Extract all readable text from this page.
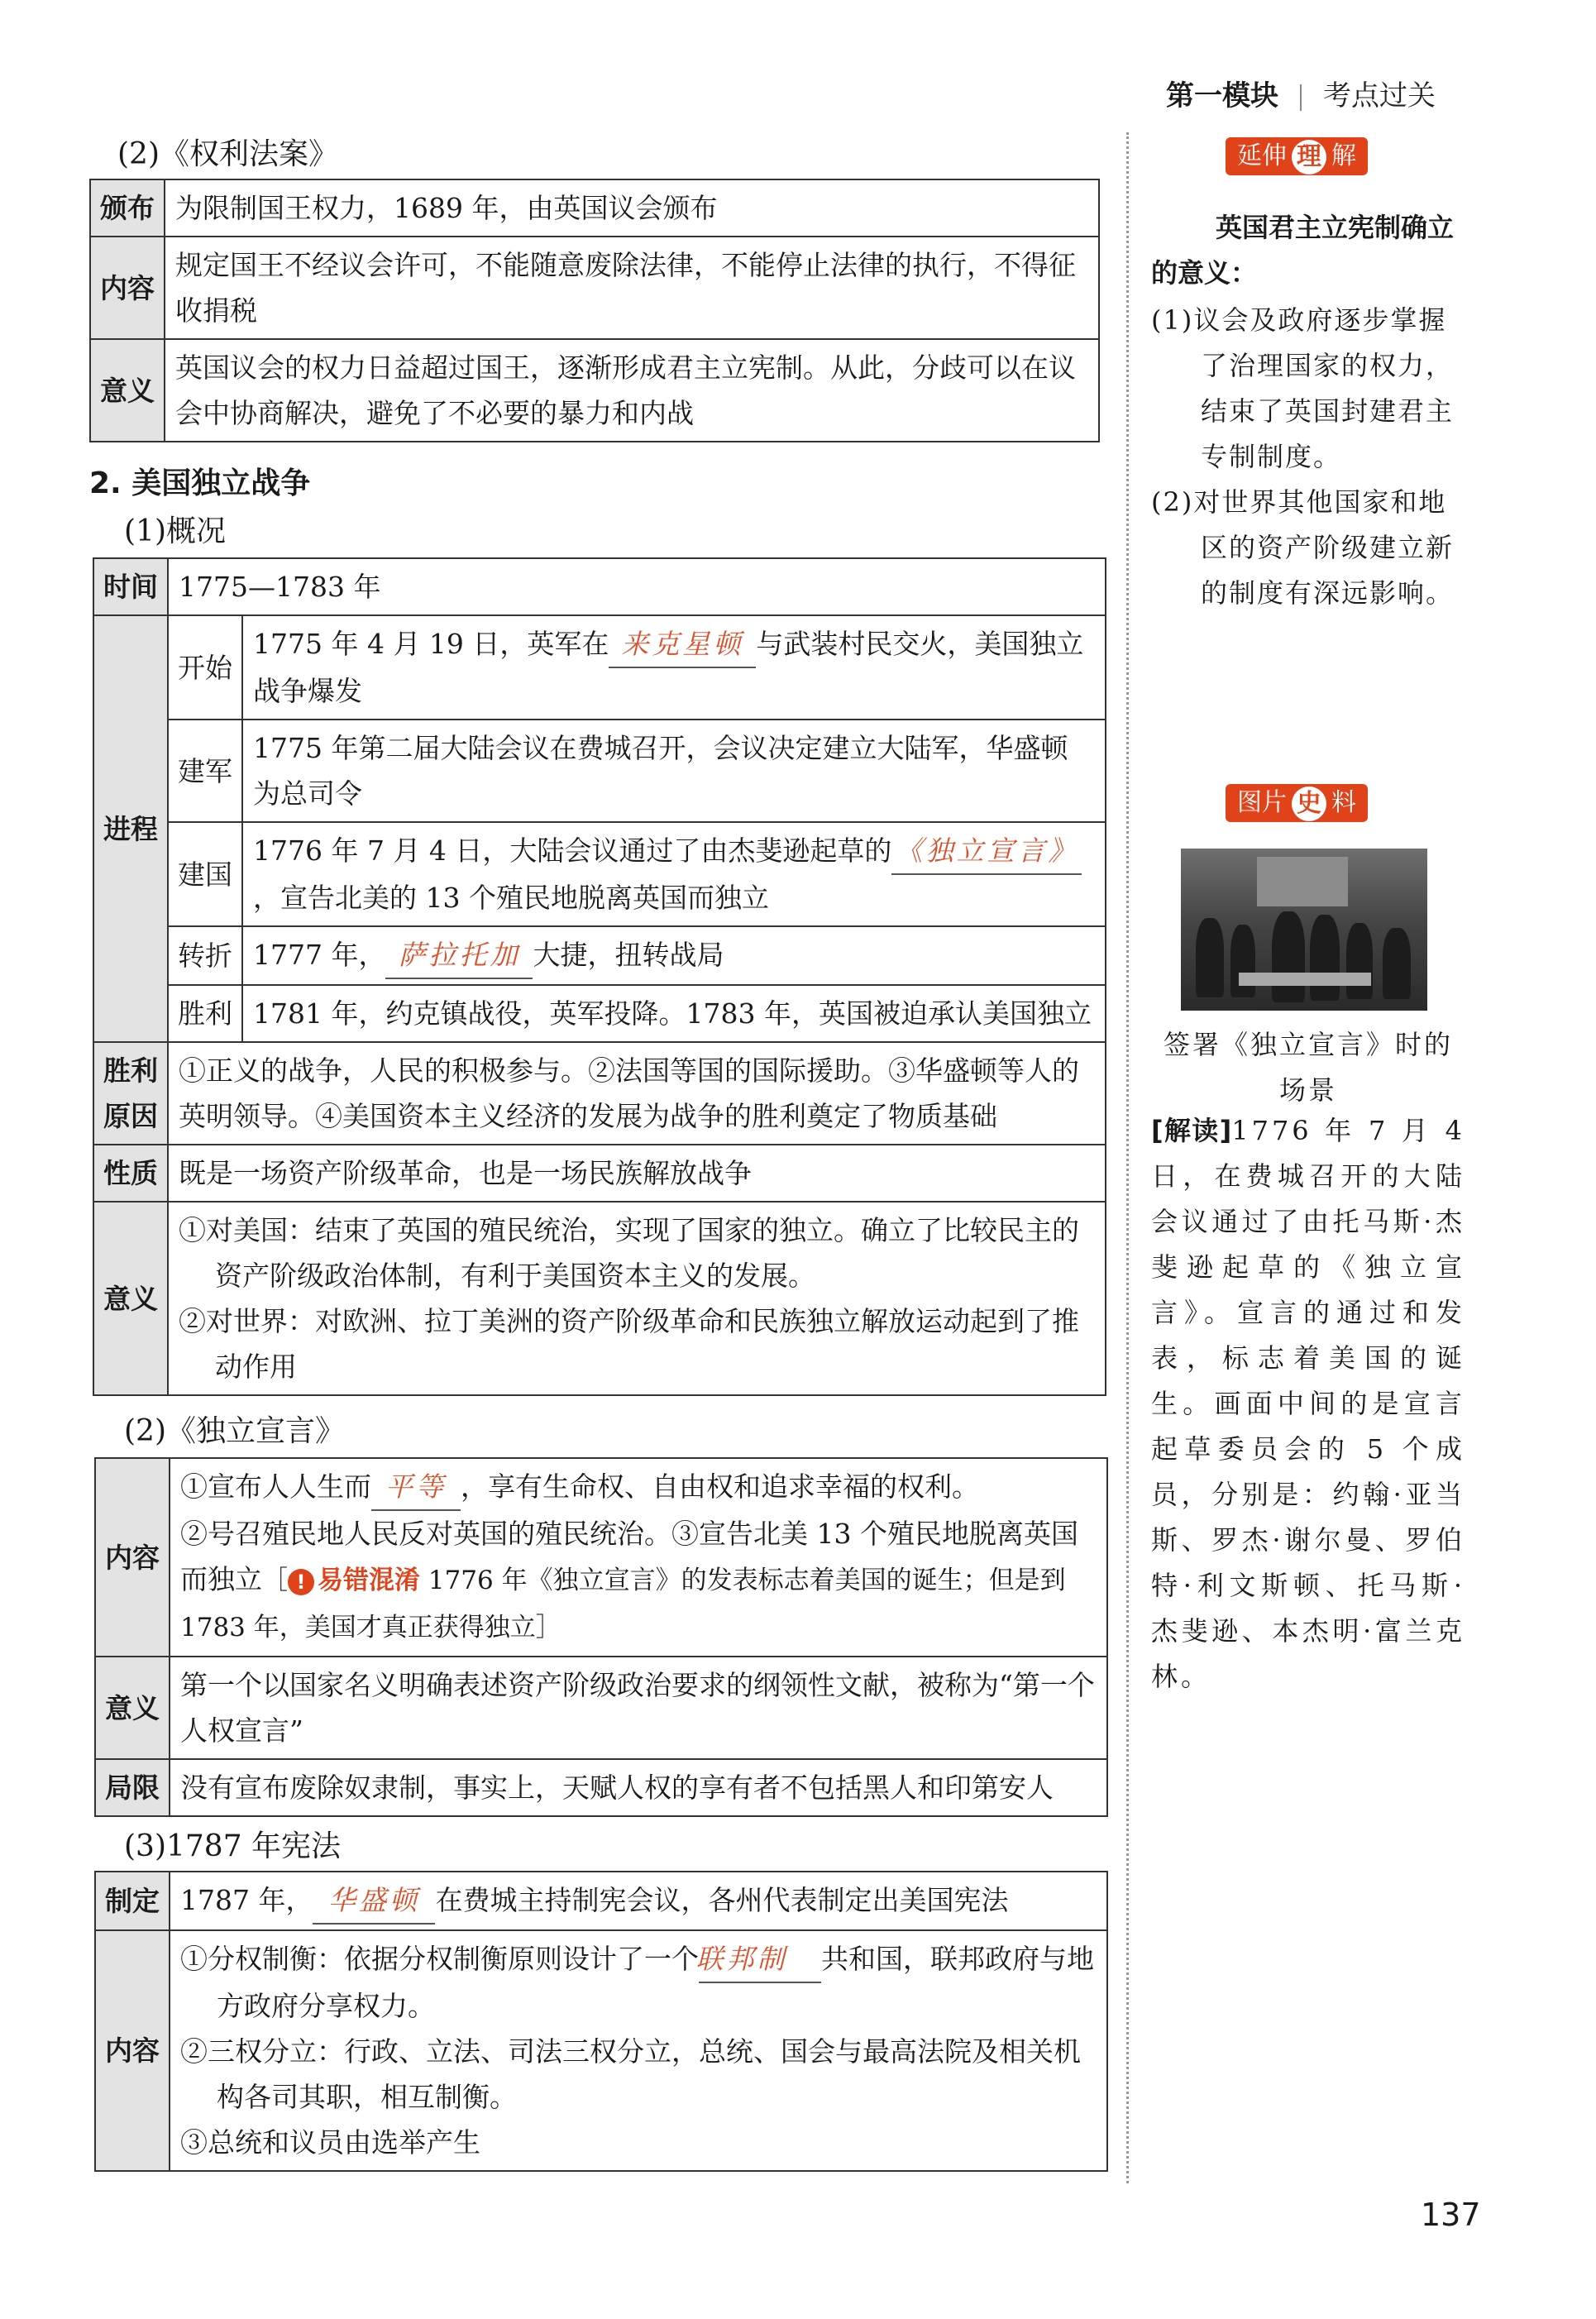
第一模块 考点过关
(2)《权利法案》
颁布	为限制国王权力，1689 年，由英国议会颁布
内容	规定国王不经议会许可，不能随意废除法律，不能停止法律的执行，不得征收捐税
意义	英国议会的权力日益超过国王，逐渐形成君主立宪制。从此，分歧可以在议会中协商解决，避免了不必要的暴力和内战
2. 美国独立战争
(1)概况
时间	1775—1783 年	
进程	开始	1775 年 4 月 19 日，英军在 来克星顿 与武装村民交火，美国独立战争爆发
	建军	1775 年第二届大陆会议在费城召开，会议决定建立大陆军，华盛顿为总司令
	建国	1776 年 7 月 4 日，大陆会议通过了由杰斐逊起草的 《独立宣言》，宣告北美的 13 个殖民地脱离英国而独立
	转折	1777 年， 萨拉托加 大捷，扭转战局
	胜利	1781 年，约克镇战役，英军投降。1783 年，英国被迫承认美国独立
胜利原因	①正义的战争，人民的积极参与。②法国等国的国际援助。③华盛顿等人的英明领导。④美国资本主义经济的发展为战争的胜利奠定了物质基础	
性质	既是一场资产阶级革命，也是一场民族解放战争	
意义	①对美国：结束了英国的殖民统治，实现了国家的独立。确立了比较民主的资产阶级政治体制，有利于美国资本主义的发展。
②对世界：对欧洲、拉丁美洲的资产阶级革命和民族独立解放运动起到了推动作用	
(2)《独立宣言》
内容	①宣布人人生而 平等 ，享有生命权、自由权和追求幸福的权利。
②号召殖民地人民反对英国的殖民统治。③宣告北美 13 个殖民地脱离英国而独立［ ! 易错混淆 1776 年《独立宣言》的发表标志着美国的诞生；但是到 1783 年，美国才真正获得独立］

意义	第一个以国家名义明确表述资产阶级政治要求的纲领性文献，被称为“第一个人权宣言”
局限	没有宣布废除奴隶制，事实上，天赋人权的享有者不包括黑人和印第安人
(3)1787 年宪法
制定	1787 年， 华盛顿 在费城主持制宪会议，各州代表制定出美国宪法
内容	①分权制衡：依据分权制衡原则设计了一个联邦制 共和国，联邦政府与地方政府分享权力。
②三权分立：行政、立法、司法三权分立，总统、国会与最高法院及相关机构各司其职，相互制衡。
③总统和议员由选举产生
延伸 理 解
英国君主立宪制确立的意义：
(1)议会及政府逐步掌握了治理国家的权力，结束了英国封建君主专制制度。
(2)对世界其他国家和地区的资产阶级建立新的制度有深远影响。
图片 史 料
签署《独立宣言》时的场景
[解读]1776 年 7 月 4 日，在费城召开的大陆会议通过了由托马斯·杰斐逊起草的《独立宣言》。宣言的通过和发表，标志着美国的诞生。画面中间的是宣言起草委员会的 5 个成员，分别是：约翰·亚当斯、罗杰·谢尔曼、罗伯特·利文斯顿、托马斯·杰斐逊、本杰明·富兰克林。
137
